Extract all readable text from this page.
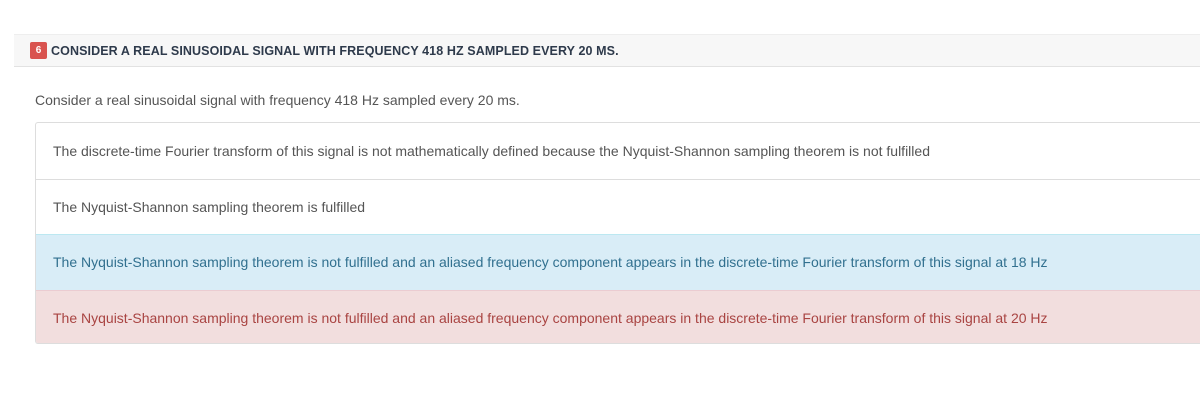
6 CONSIDER A REAL SINUSOIDAL SIGNAL WITH FREQUENCY 418 HZ SAMPLED EVERY 20 MS.
Consider a real sinusoidal signal with frequency 418 Hz sampled every 20 ms.
The discrete-time Fourier transform of this signal is not mathematically defined because the Nyquist-Shannon sampling theorem is not fulfilled
The Nyquist-Shannon sampling theorem is fulfilled
The Nyquist-Shannon sampling theorem is not fulfilled and an aliased frequency component appears in the discrete-time Fourier transform of this signal at 18 Hz
The Nyquist-Shannon sampling theorem is not fulfilled and an aliased frequency component appears in the discrete-time Fourier transform of this signal at 20 Hz
